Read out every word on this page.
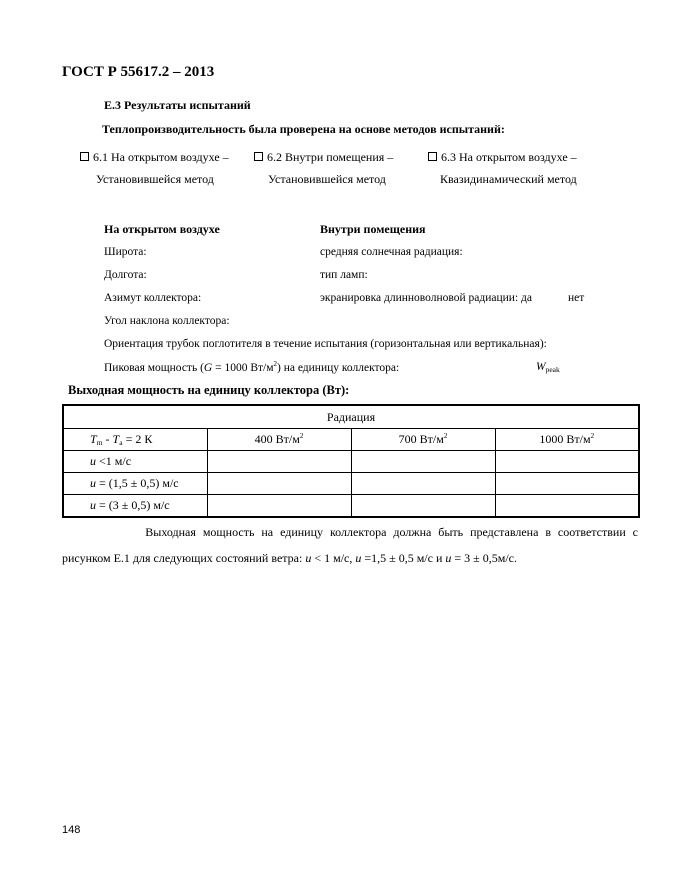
ГОСТ Р 55617.2 – 2013
Е.3 Результаты испытаний
Теплопроизводительность была проверена на основе методов испытаний:
6.1 На открытом воздухе –
Установившейся метод
6.2 Внутри помещения –
Установившейся метод
6.3 На открытом воздухе –
Квазидинамический метод
На открытом воздухе	Внутри помещения
Широта:	средняя солнечная радиация:
Долгота:	тип ламп:
Азимут коллектора:	экранировка длинноволновой радиации: да	нет
Угол наклона коллектора:
Ориентация трубок поглотителя в течение испытания (горизонтальная или вертикальная):
Пиковая мощность (G = 1000 $Вт/м^2$) на единицу коллектора:	$W_{peak}$
Выходная мощность на единицу коллектора (Вт):
Радиация			
$T_m - T_a = 2$ К	400 $Вт/м^2$	700 $Вт/м^2$	1000 $Вт/м^2$
u <1 м/с			
u = (1,5 ± 0,5) м/с			
u = (3 ± 0,5) м/с			
Выходная мощность на единицу коллектора должна быть представлена в соответствии с
рисунком Е.1 для следующих состояний ветра: u < 1 м/с, u =1,5 ± 0,5 м/с и u = 3 ± 0,5м/с.
148
